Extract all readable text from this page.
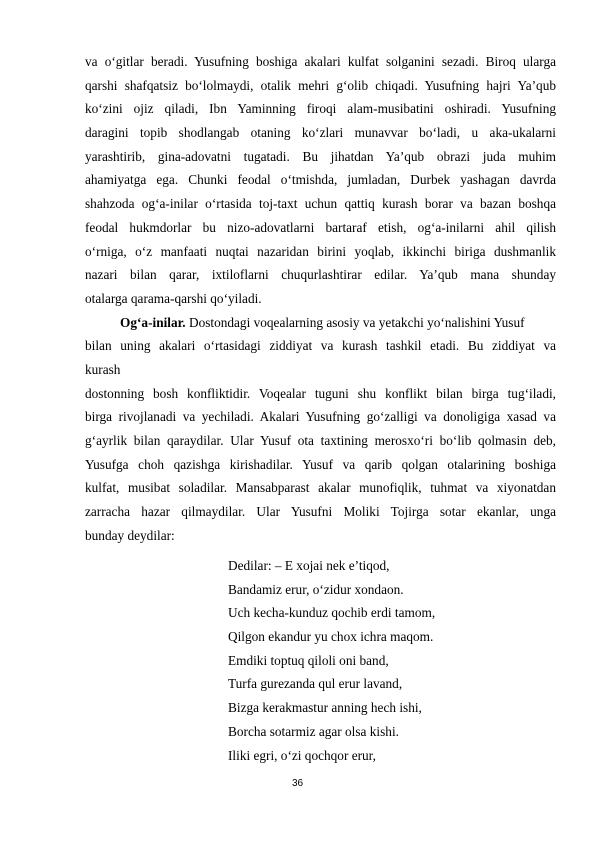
va o‘gitlar beradi. Yusufning boshiga akalari kulfat solganini sezadi. Biroq ularga
qarshi shafqatsiz bo‘lolmaydi, otalik mehri g‘olib chiqadi. Yusufning hajri Ya’qub
ko‘zini ojiz qiladi, Ibn Yaminning firoqi alam-musibatini oshiradi. Yusufning
daragini topib shodlangab otaning ko‘zlari munavvar bo‘ladi, u aka-ukalarni
yarashtirib, gina-adovatni tugatadi. Bu jihatdan Ya’qub obrazi juda muhim
ahamiyatga ega. Chunki feodal o‘tmishda, jumladan, Durbek yashagan davrda
shahzoda og‘a-inilar o‘rtasida toj-taxt uchun qattiq kurash borar va bazan boshqa
feodal hukmdorlar bu nizo-adovatlarni bartaraf etish, og‘a-inilarni ahil qilish
o‘rniga, o‘z manfaati nuqtai nazaridan birini yoqlab, ikkinchi biriga dushmanlik
nazari bilan qarar, ixtiloflarni chuqurlashtirar edilar. Ya’qub mana shunday
otalarga qarama-qarshi qo‘yiladi.
Og‘a-inilar. Dostondagi voqealarning asosiy va yetakchi yo‘nalishini Yusuf
bilan uning akalari o‘rtasidagi ziddiyat va kurash tashkil etadi. Bu ziddiyat va
kurash
dostonning bosh konfliktidir. Voqealar tuguni shu konflikt bilan birga tug‘iladi,
birga rivojlanadi va yechiladi. Akalari Yusufning go‘zalligi va donoligiga xasad va
g‘ayrlik bilan qaraydilar. Ular Yusuf ota taxtining merosxo‘ri bo‘lib qolmasin deb,
Yusufga choh qazishga kirishadilar. Yusuf va qarib qolgan otalarining boshiga
kulfat, musibat soladilar. Mansabparast akalar munofiqlik, tuhmat va xiyonatdan
zarracha hazar qilmaydilar. Ular Yusufni Moliki Tojirga sotar ekanlar, unga
bunday deydilar:
Dedilar: – E xojai nek e’tiqod,
Bandamiz erur, o‘zidur xondaon.
Uch kecha-kunduz qochib erdi tamom,
Qilgon ekandur yu chox ichra maqom.
Emdiki toptuq qiloli oni band,
Turfa gurezanda qul erur lavand,
Bizga kerakmastur anning hech ishi,
Borcha sotarmiz agar olsa kishi.
Iliki egri, o‘zi qochqor erur,
36
